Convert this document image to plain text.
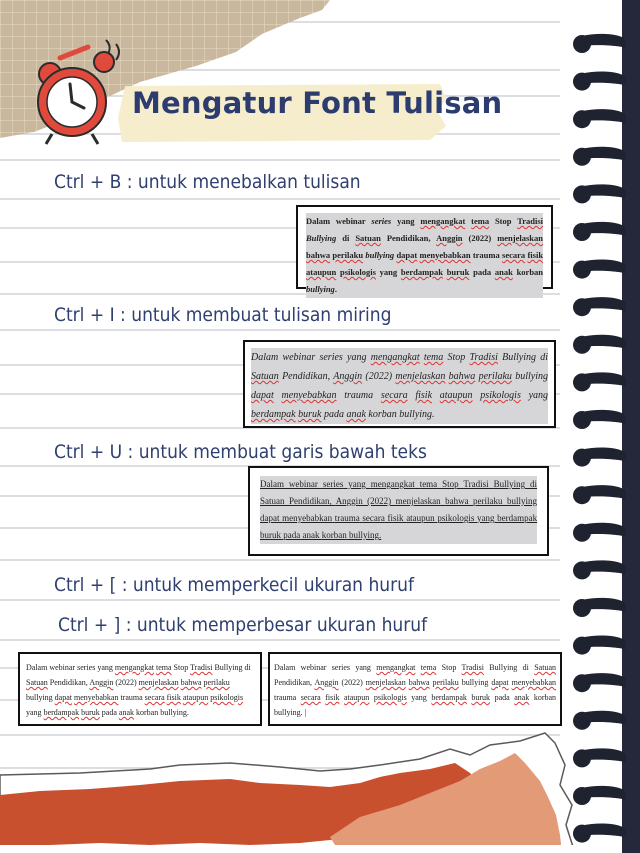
Mengatur Font Tulisan
Ctrl + B : untuk menebalkan tulisan
Ctrl + I : untuk membuat tulisan miring
Ctrl + U : untuk membuat garis bawah teks
Ctrl + [ : untuk memperkecil ukuran huruf
Ctrl + ] : untuk memperbesar ukuran huruf
Dalam webinar series yang mengangkat tema Stop Tradisi Bullying di Satuan Pendidikan, Anggin (2022) menjelaskan bahwa perilaku bullying dapat menyebabkan trauma secara fisik ataupun psikologis yang berdampak buruk pada anak korban bullying.
Dalam webinar series yang mengangkat tema Stop Tradisi Bullying di Satuan Pendidikan, Anggin (2022) menjelaskan bahwa perilaku bullying dapat menyebabkan trauma secara fisik ataupun psikologis yang berdampak buruk pada anak korban bullying.
Dalam webinar series yang mengangkat tema Stop Tradisi Bullying di Satuan Pendidikan, Anggin (2022) menjelaskan bahwa perilaku bullying dapat menyebabkan trauma secara fisik ataupun psikologis yang berdampak buruk pada anak korban bullying.
Dalam webinar series yang mengangkat tema Stop Tradisi Bullying di Satuan Pendidikan, Anggin (2022) menjelaskan bahwa perilaku bullying dapat menyebabkan trauma secara fisik ataupun psikologis yang berdampak buruk pada anak korban bullying.
Dalam webinar series yang mengangkat tema Stop Tradisi Bullying di Satuan Pendidikan, Anggin (2022) menjelaskan bahwa perilaku bullying dapat menyebabkan trauma secara fisik ataupun psikologis yang berdampak buruk pada anak korban bullying. |
